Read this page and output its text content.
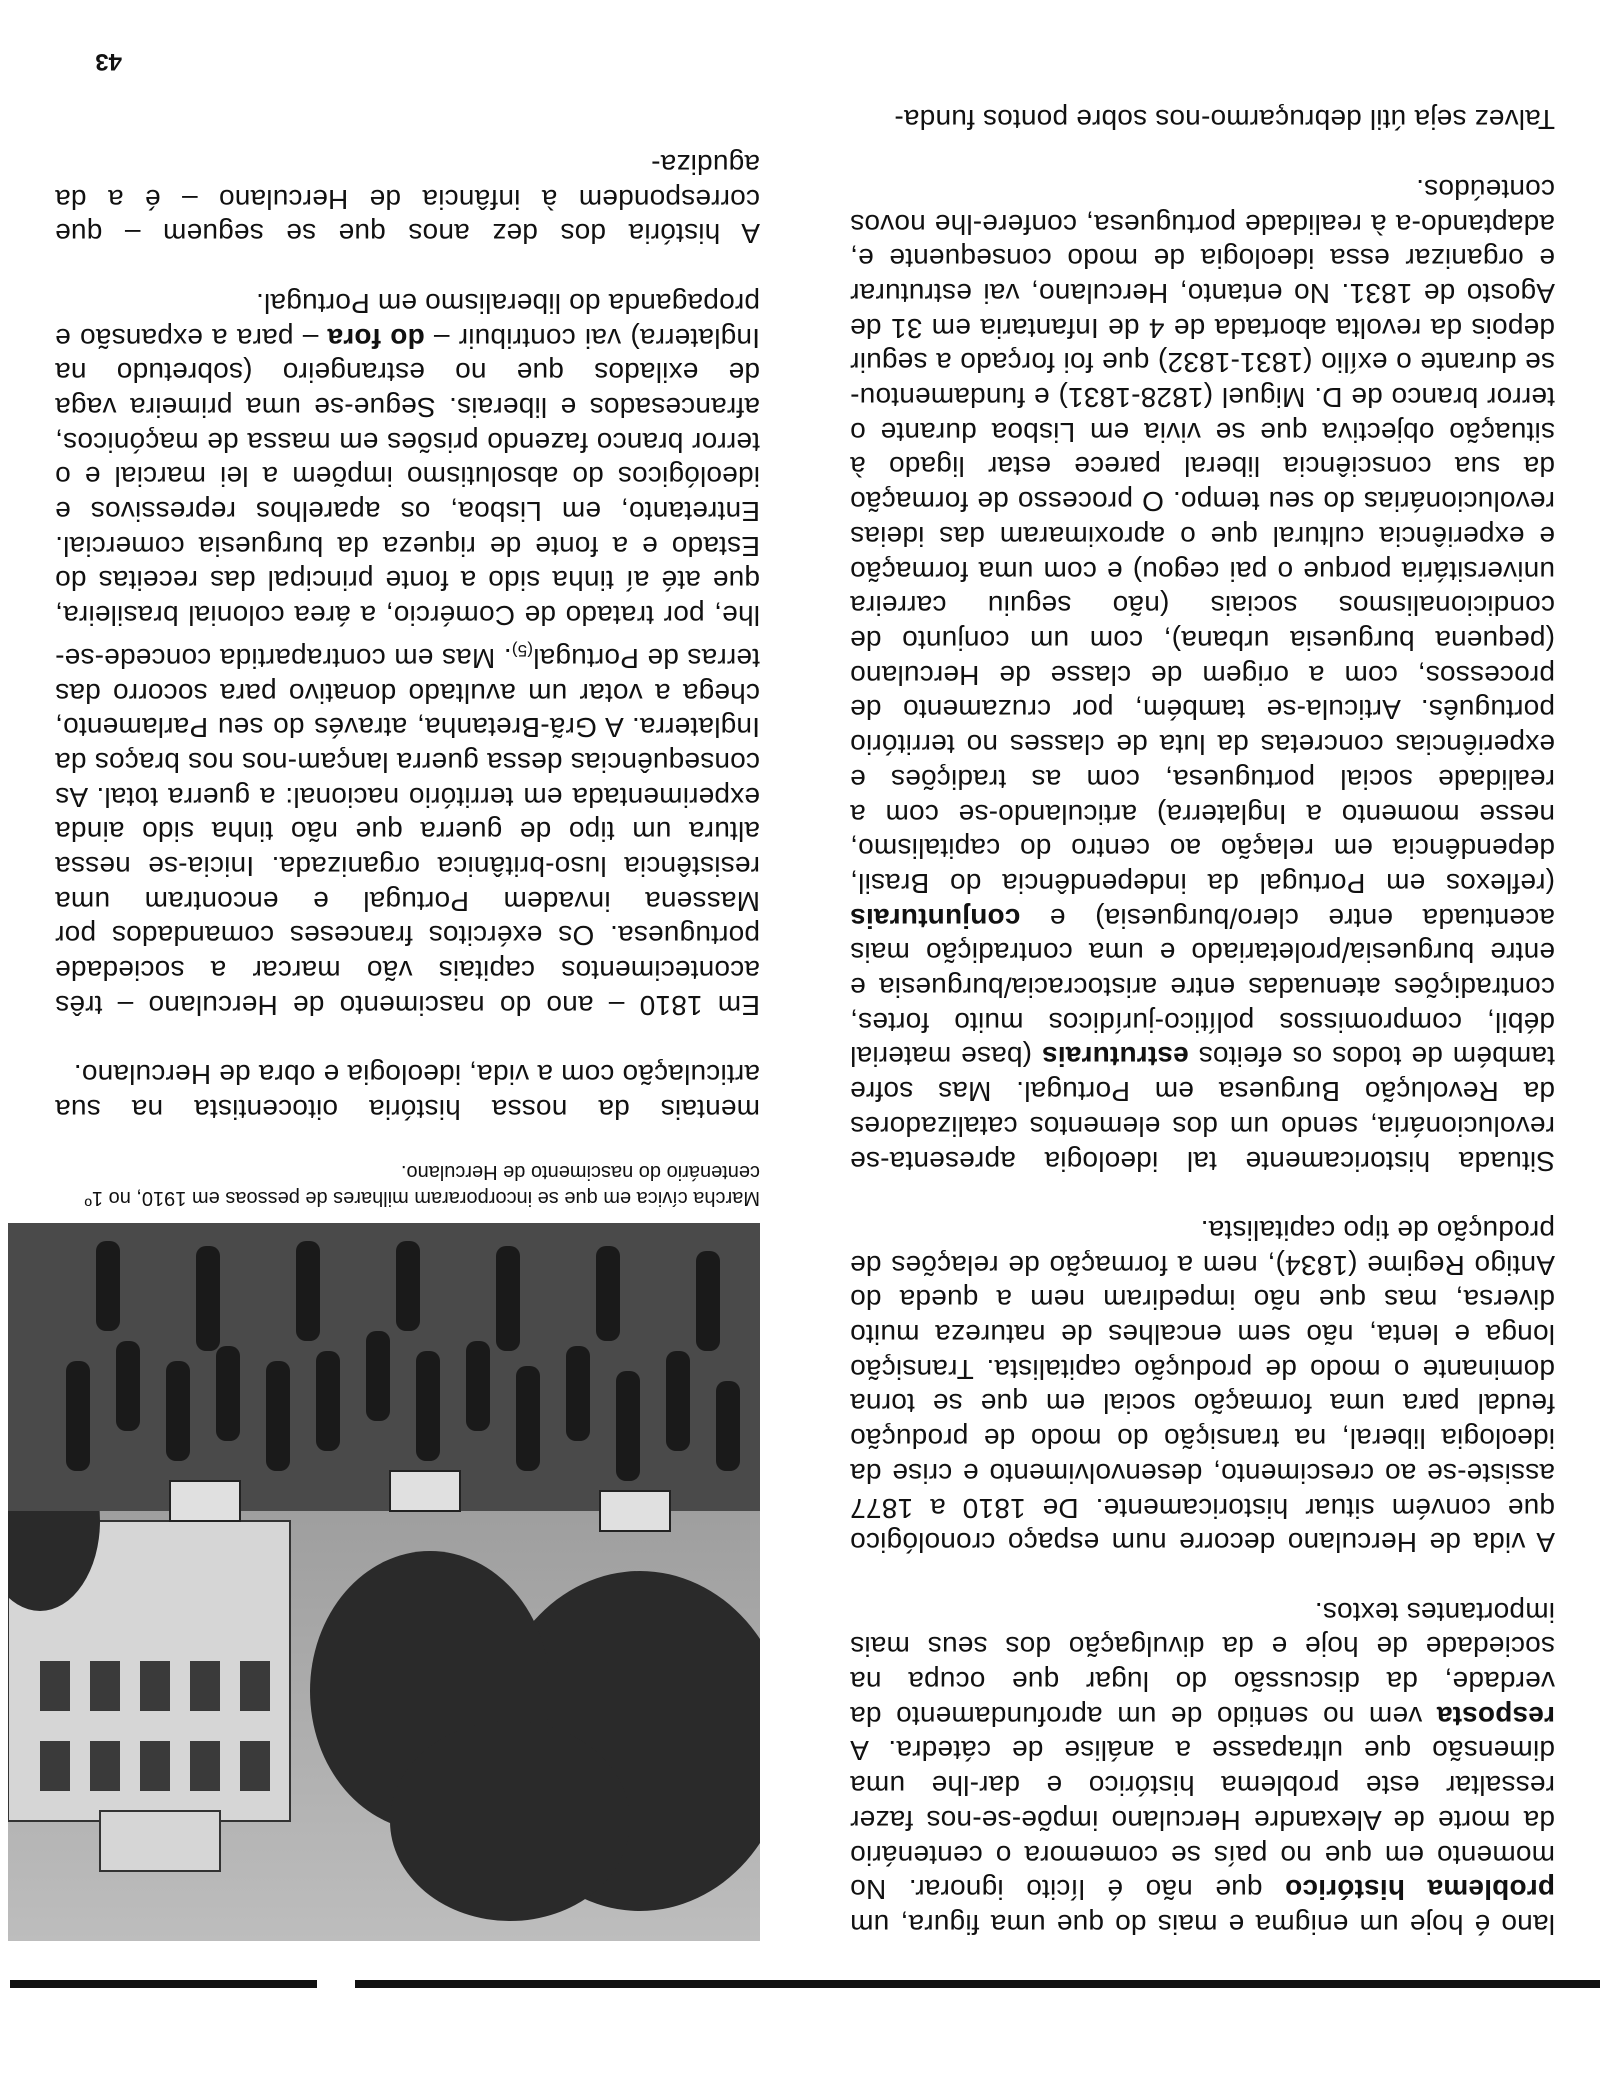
lano é hoje um enigma e mais do que uma figura, um problema histórico que não é lícito ignorar. No momento em que no país se comemora o centenário da morte de Alexandre Herculano impõe-se-nos fazer ressaltar este problema histórico e dar-lhe uma dimensão que ultrapasse a análise de cátedra. A resposta vem no sentido de um aprofundamento da verdade, da discussão do lugar que ocupa na sociedade de hoje e da divulgação dos seus mais importantes textos.

A vida de Herculano decorre num espaço cronológico que convém situar historicamente. De 1810 a 1877 assiste-se ao crescimento, desenvolvimento e crise da ideologia liberal, na transição do modo de produção feudal para uma formação social em que se torna dominante o modo de produção capitalista. Transição longa e lenta, não sem encalhes de natureza muito diversa, mas que não impediram nem a queda do Antigo Regime (1834), nem a formação de relações de produção de tipo capitalista.

Situada historicamente tal ideologia apresenta-se revolucionária, sendo um dos elementos catalizadores da Revolução Burguesa em Portugal. Mas sofre também de todos os efeitos estruturais (base material débil, compromissos político-jurídicos muito fortes, contradições atenuadas entre aristocracia/burguesia e entre burguesia/proletariado e uma contradição mais acentuada entre clero/burguesia) e conjunturais (reflexos em Portugal da independência do Brasil, dependência em relação ao centro do capitalismo, nesse momento a Inglaterra) articulando-se com a realidade social portuguesa, com as tradições e experiências concretas da luta de classes no território português. Articula-se também, por cruzamento de processos, com a origem de classe de Herculano (pequena burguesia urbana), com um conjunto de condicionalismos sociais (não seguiu carreira universitária porque o pai cegou) e com uma formação e experiência cultural que o aproximaram das ideias revolucionárias do seu tempo. O processo de formação da sua consciência liberal parece estar ligado à situação objectiva que se vivia em Lisboa durante o terror branco de D. Miguel (1828-1831) e fundamentou-se durante o exílio (1831-1832) que foi forçado a seguir depois da revolta abortada de 4 de Infantaria em 31 de Agosto de 1831. No entanto, Herculano, vai estruturar e organizar essa ideologia de modo consequente e, adaptando-a à realidade portuguesa, confere-lhe novos conteúdos.

Talvez seja útil debruçarmo-nos sobre pontos funda-

Marcha cívica em que se incorporaram milhares de pessoas em 1910, no 1º centenário do nascimento de Herculano.

mentais da nossa história oitocentista na sua articulação com a vida, ideologia e obra de Herculano.

Em 1810 – ano do nascimento de Herculano – três acontecimentos capitais vão marcar a sociedade portuguesa. Os exércitos franceses comandados por Massena invadem Portugal e encontram uma resistência luso-britânica organizada. Inicia-se nessa altura um tipo de guerra que não tinha sido ainda experimentada em território nacional: a guerra total. As consequências dessa guerra lançam-nos nos braços da Inglaterra. A Grã-Bretanha, através do seu Parlamento, chega a votar um avultado donativo para socorro das terras de Portugal$_{(5)}$. Mas em contrapartida concede-se-lhe, por tratado de Comércio, a área colonial brasileira, que até aí tinha sido a fonte principal das receitas do Estado e a fonte de riqueza da burguesia comercial. Entretanto, em Lisboa, os aparelhos repressivos e ideológicos do absolutismo impõem a lei marcial e o terror branco fazendo prisões em massa de maçónicos, afrancesados e liberais. Segue-se uma primeira vaga de exilados que no estrangeiro (sobretudo na Inglaterra) vai contribuir – do fora – para a expansão e propaganda do liberalismo em Portugal.

A história dos dez anos que se seguem – que correspondem à infância de Herculano – é a da agudiza-

43
